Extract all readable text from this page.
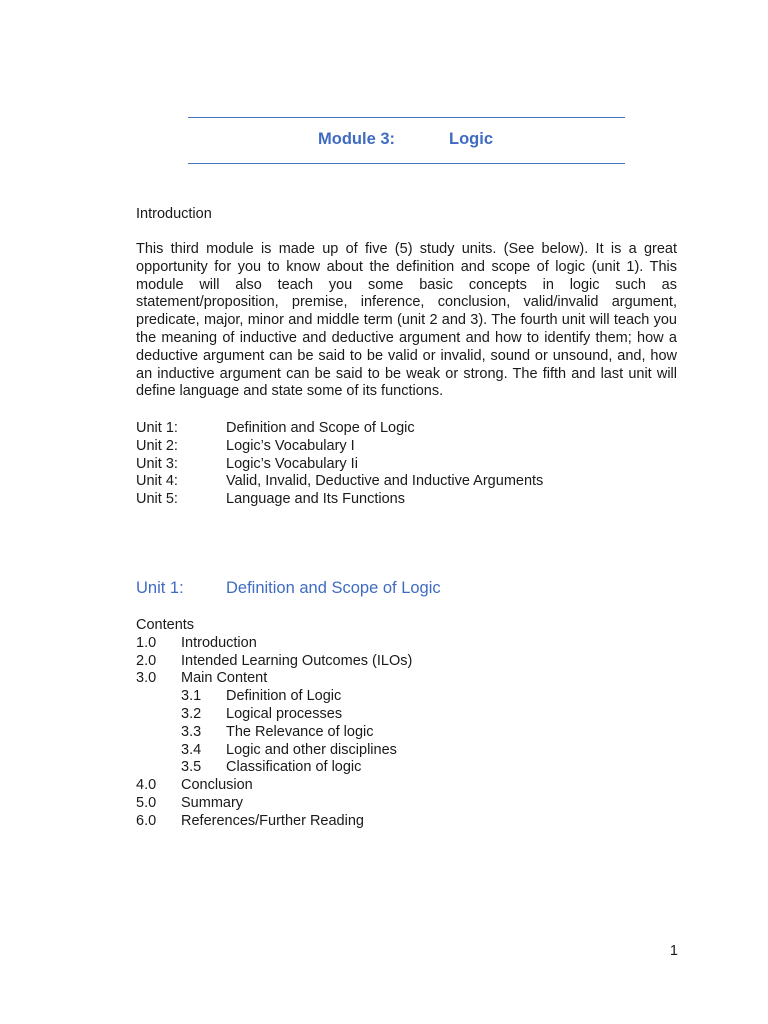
Module 3:	Logic
Introduction
This third module is made up of five (5) study units. (See below). It is a great opportunity for you to know about the definition and scope of logic (unit 1). This module will also teach you some basic concepts in logic such as statement/proposition, premise, inference, conclusion, valid/invalid argument, predicate, major, minor and middle term (unit 2 and 3). The fourth unit will teach you the meaning of inductive and deductive argument and how to identify them; how a deductive argument can be said to be valid or invalid, sound or unsound, and, how an inductive argument can be said to be weak or strong. The fifth and last unit will define language and state some of its functions.
Unit 1:	Definition and Scope of Logic
Unit 2:	Logic’s Vocabulary I
Unit 3:	Logic’s Vocabulary Ii
Unit 4:	Valid, Invalid, Deductive and Inductive Arguments
Unit 5:	Language and Its Functions
Unit 1:	Definition and Scope of Logic
Contents
1.0 Introduction
2.0 Intended Learning Outcomes (ILOs)
3.0 Main Content
3.1 Definition of Logic
3.2 Logical processes
3.3 The Relevance of logic
3.4 Logic and other disciplines
3.5 Classification of logic
4.0 Conclusion
5.0 Summary
6.0 References/Further Reading
1
